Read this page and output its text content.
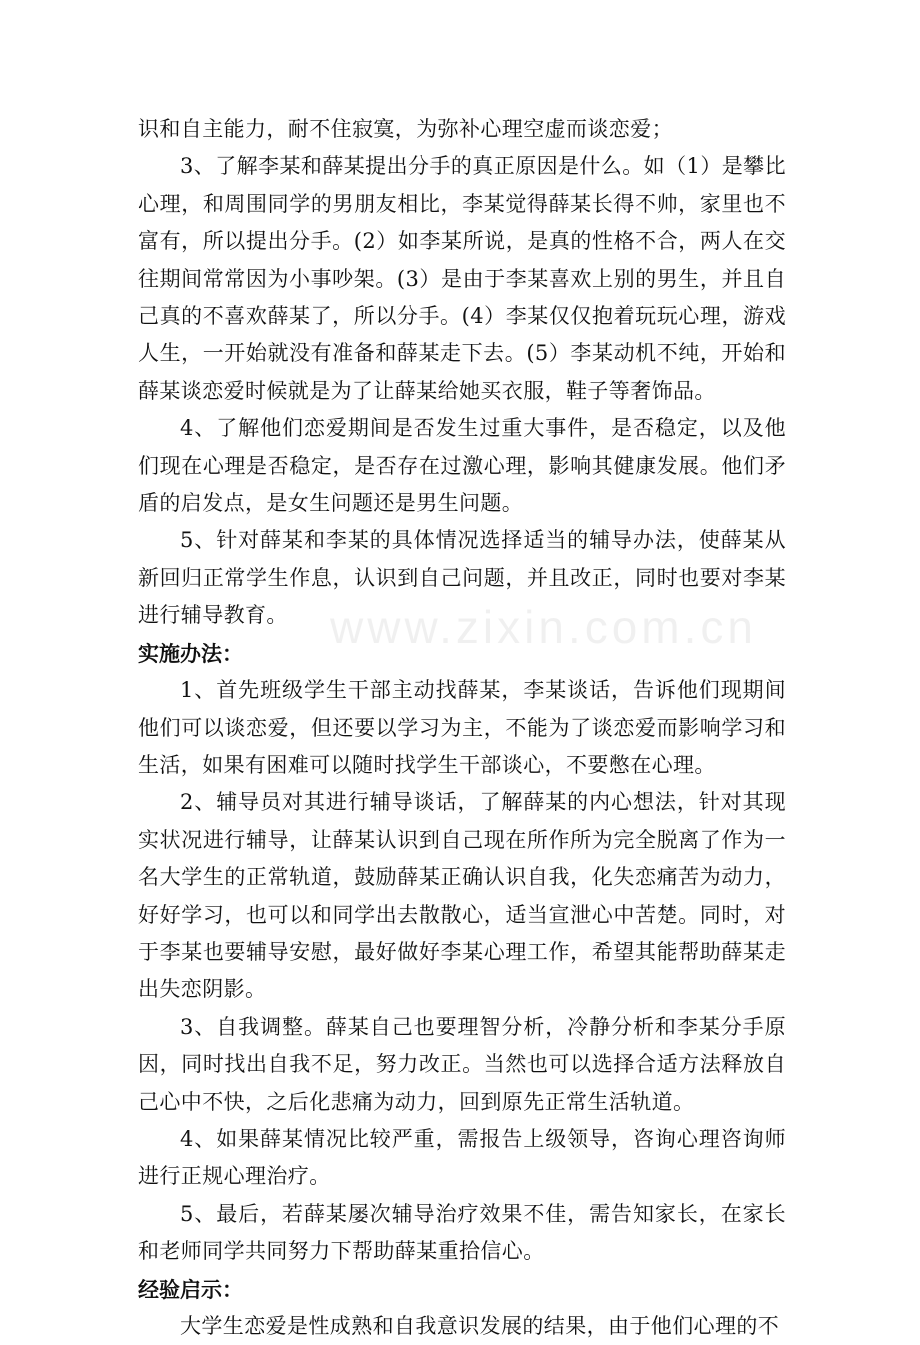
识和自主能力，耐不住寂寞，为弥补心理空虚而谈恋爱；

3、了解李某和薛某提出分手的真正原因是什么。如（1）是攀比心理，和周围同学的男朋友相比，李某觉得薛某长得不帅，家里也不富有，所以提出分手。(2）如李某所说，是真的性格不合，两人在交往期间常常因为小事吵架。(3）是由于李某喜欢上别的男生，并且自己真的不喜欢薛某了，所以分手。(4）李某仅仅抱着玩玩心理，游戏人生，一开始就没有准备和薛某走下去。(5）李某动机不纯，开始和薛某谈恋爱时候就是为了让薛某给她买衣服，鞋子等奢饰品。

4、了解他们恋爱期间是否发生过重大事件，是否稳定，以及他们现在心理是否稳定，是否存在过激心理，影响其健康发展。他们矛盾的启发点，是女生问题还是男生问题。

5、针对薛某和李某的具体情况选择适当的辅导办法，使薛某从新回归正常学生作息，认识到自己问题，并且改正，同时也要对李某进行辅导教育。

实施办法：

1、首先班级学生干部主动找薛某，李某谈话，告诉他们现期间他们可以谈恋爱，但还要以学习为主，不能为了谈恋爱而影响学习和生活，如果有困难可以随时找学生干部谈心，不要憋在心理。

2、辅导员对其进行辅导谈话，了解薛某的内心想法，针对其现实状况进行辅导，让薛某认识到自己现在所作所为完全脱离了作为一名大学生的正常轨道，鼓励薛某正确认识自我，化失恋痛苦为动力，好好学习，也可以和同学出去散散心，适当宣泄心中苦楚。同时，对于李某也要辅导安慰，最好做好李某心理工作，希望其能帮助薛某走出失恋阴影。

3、自我调整。薛某自己也要理智分析，冷静分析和李某分手原因，同时找出自我不足，努力改正。当然也可以选择合适方法释放自己心中不快，之后化悲痛为动力，回到原先正常生活轨道。

4、如果薛某情况比较严重，需报告上级领导，咨询心理咨询师进行正规心理治疗。

5、最后，若薛某屡次辅导治疗效果不佳，需告知家长，在家长和老师同学共同努力下帮助薛某重拾信心。

经验启示：

大学生恋爱是性成熟和自我意识发展的结果，由于他们心理的不

www.zixin.com.cn
